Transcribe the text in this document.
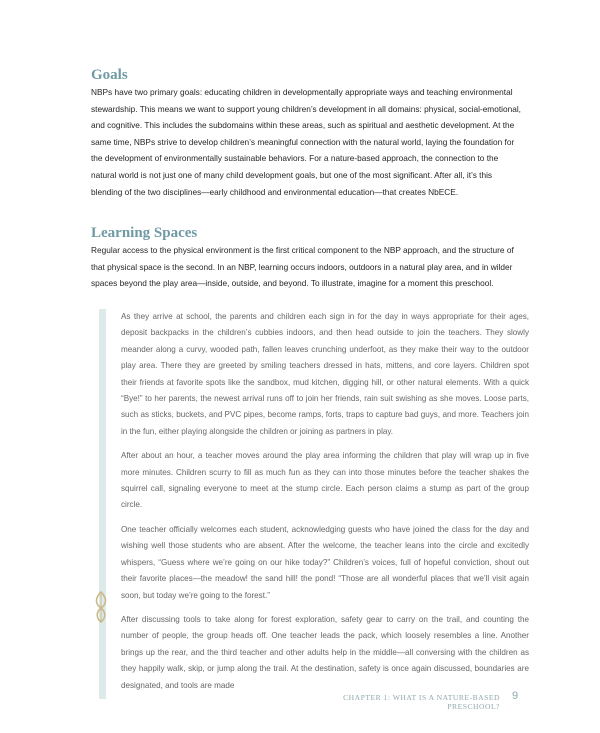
Goals

NBPs have two primary goals: educating children in developmentally appropriate ways and teaching environmental stewardship. This means we want to support young children’s development in all domains: physical, social-emotional, and cognitive. This includes the subdomains within these areas, such as spiritual and aesthetic development. At the same time, NBPs strive to develop children’s meaningful connection with the natural world, laying the foundation for the development of environmentally sustainable behaviors. For a nature-based approach, the connection to the natural world is not just one of many child development goals, but one of the most significant. After all, it’s this blending of the two disciplines—early childhood and environmental education—that creates NbECE.

Learning Spaces

Regular access to the physical environment is the first critical component to the NBP approach, and the structure of that physical space is the second. In an NBP, learning occurs indoors, outdoors in a natural play area, and in wilder spaces beyond the play area—inside, outside, and beyond. To illustrate, imagine for a moment this preschool.

As they arrive at school, the parents and children each sign in for the day in ways appropriate for their ages, deposit backpacks in the children’s cubbies indoors, and then head outside to join the teachers. They slowly meander along a curvy, wooded path, fallen leaves crunching underfoot, as they make their way to the outdoor play area. There they are greeted by smiling teachers dressed in hats, mittens, and core layers. Children spot their friends at favorite spots like the sandbox, mud kitchen, digging hill, or other natural elements. With a quick “Bye!” to her parents, the newest arrival runs off to join her friends, rain suit swishing as she moves. Loose parts, such as sticks, buckets, and PVC pipes, become ramps, forts, traps to capture bad guys, and more. Teachers join in the fun, either playing alongside the children or joining as partners in play.

After about an hour, a teacher moves around the play area informing the children that play will wrap up in five more minutes. Children scurry to fill as much fun as they can into those minutes before the teacher shakes the squirrel call, signaling everyone to meet at the stump circle. Each person claims a stump as part of the group circle.

One teacher officially welcomes each student, acknowledging guests who have joined the class for the day and wishing well those students who are absent. After the welcome, the teacher leans into the circle and excitedly whispers, “Guess where we’re going on our hike today?” Children’s voices, full of hopeful conviction, shout out their favorite places—the meadow! the sand hill! the pond! “Those are all wonderful places that we’ll visit again soon, but today we’re going to the forest.”

After discussing tools to take along for forest exploration, safety gear to carry on the trail, and counting the number of people, the group heads off. One teacher leads the pack, which loosely resembles a line. Another brings up the rear, and the third teacher and other adults help in the middle—all conversing with the children as they happily walk, skip, or jump along the trail. At the destination, safety is once again discussed, boundaries are designated, and tools are made

CHAPTER 1: WHAT IS A NATURE-BASED PRESCHOOL?
9
